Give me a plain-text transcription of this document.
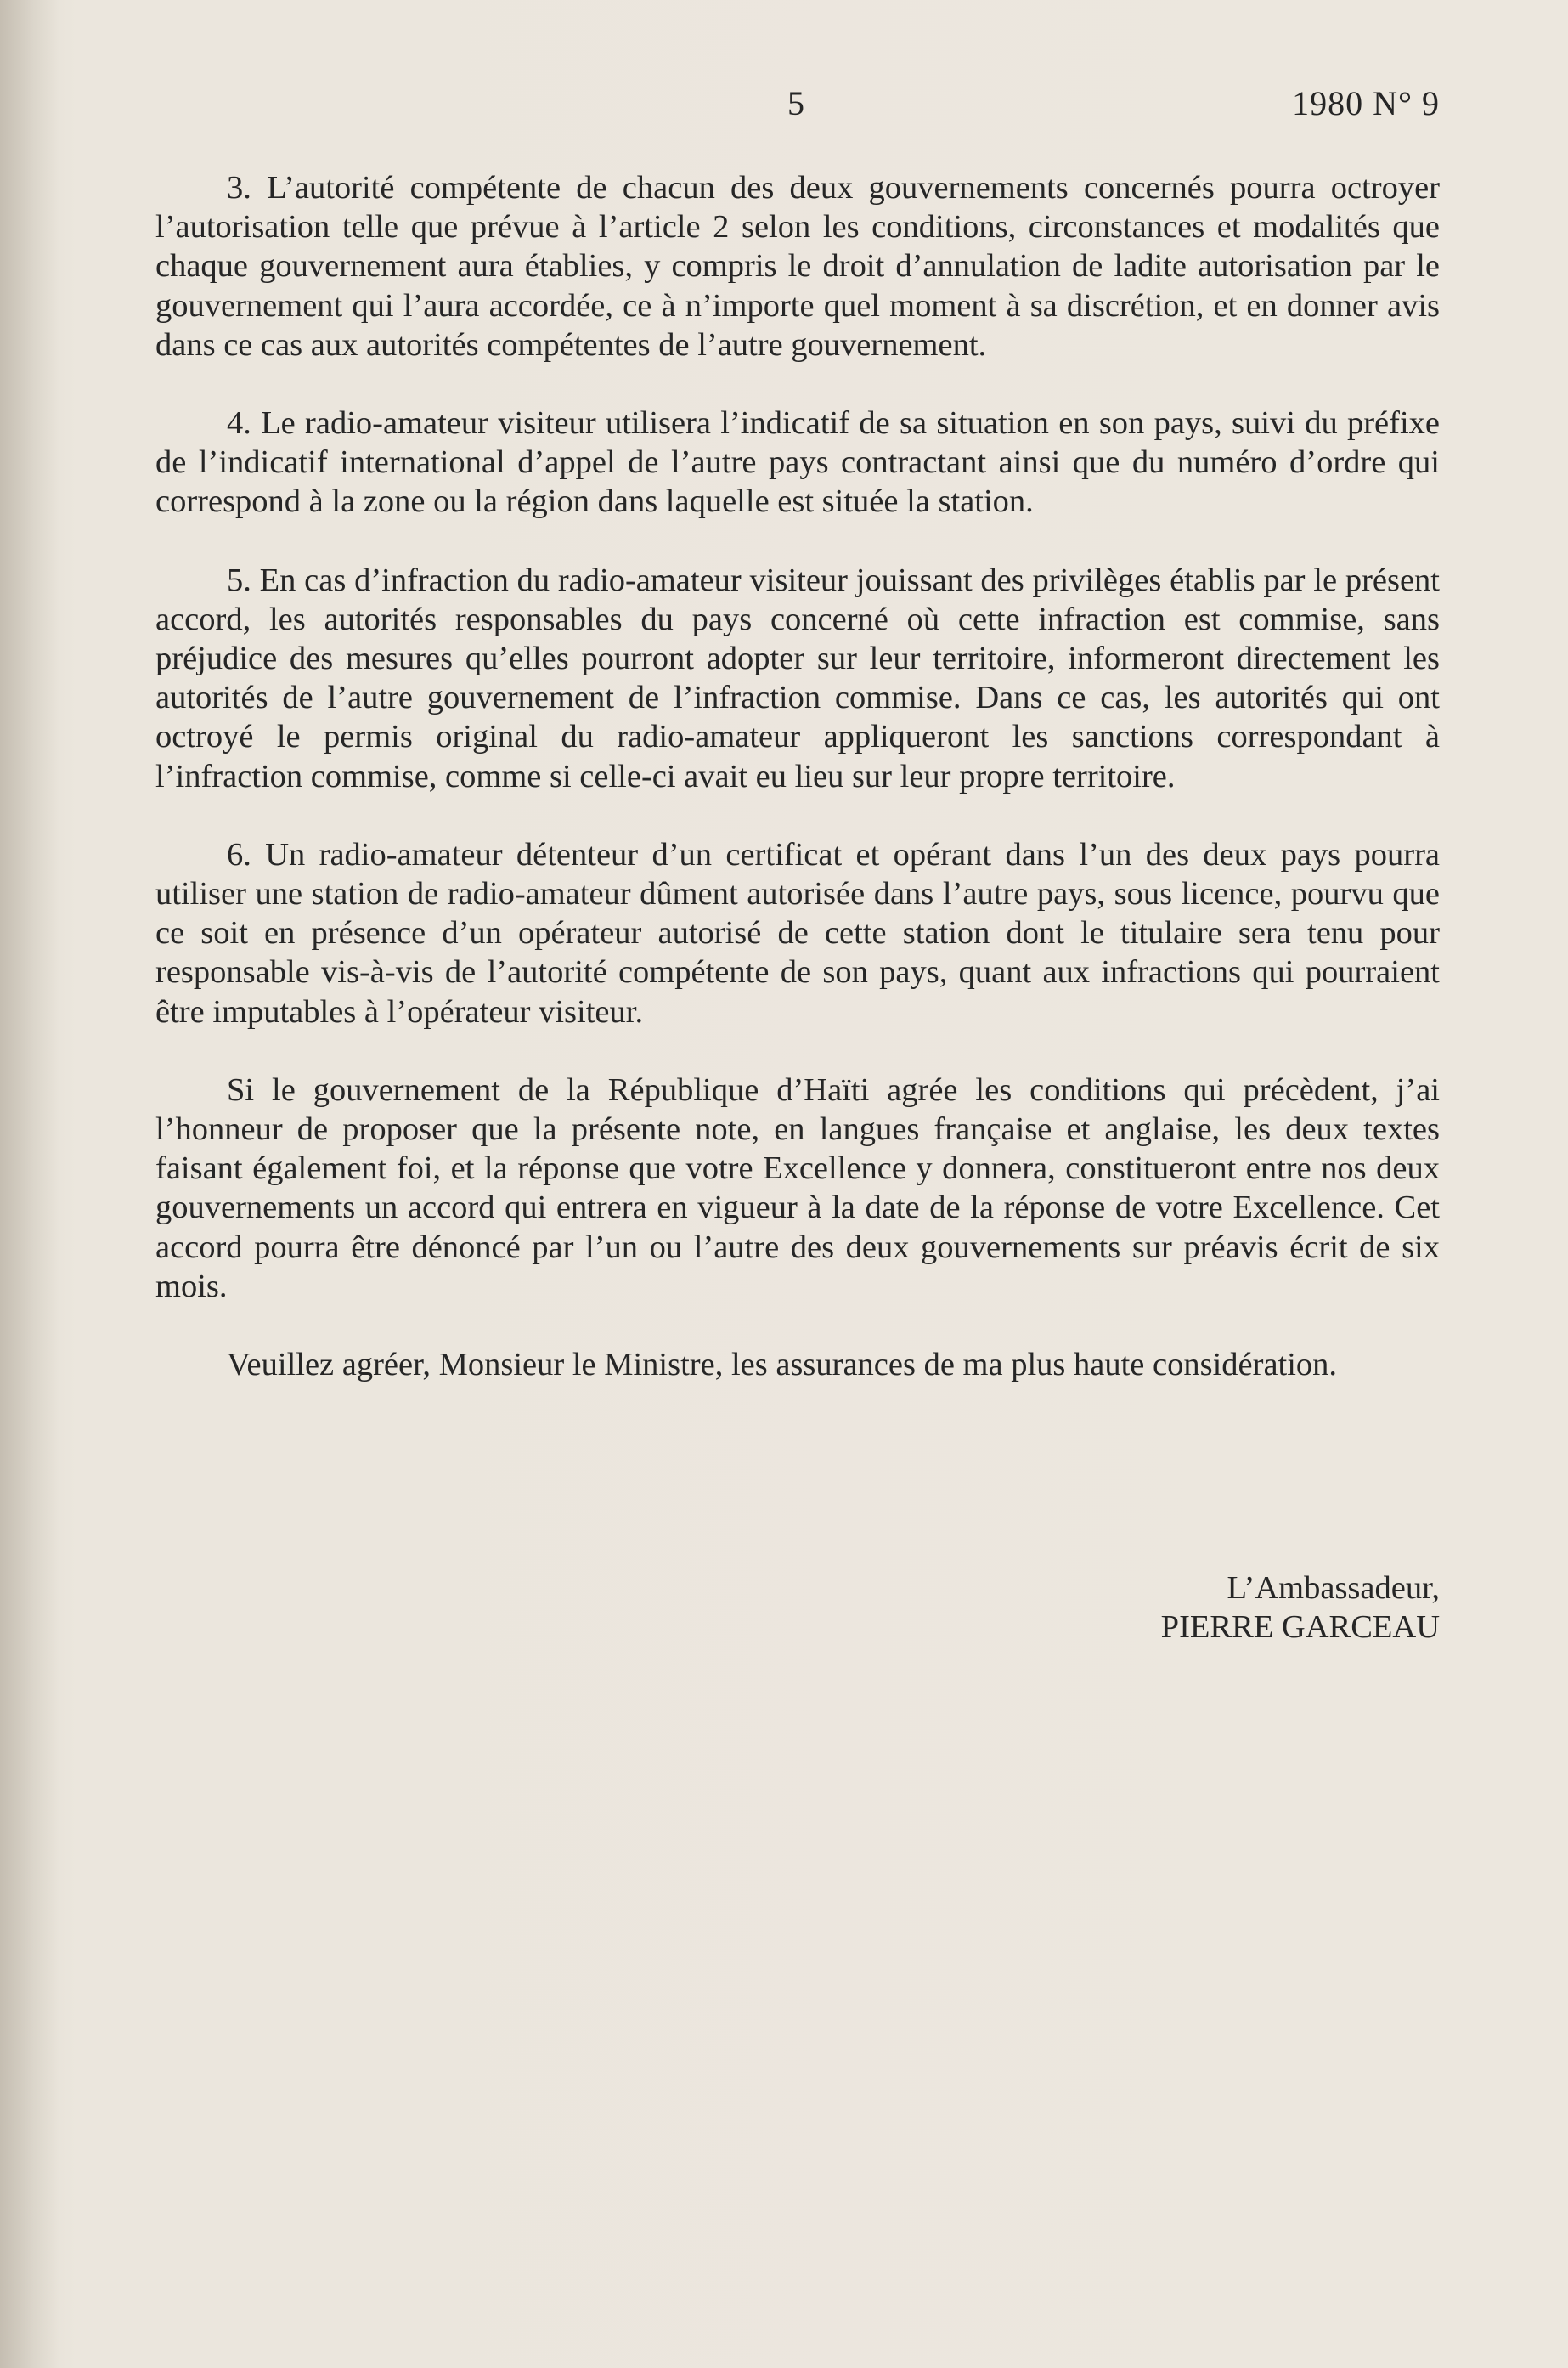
5	1980 N° 9

3. L’autorité compétente de chacun des deux gouvernements concernés pourra octroyer l’autorisation telle que prévue à l’article 2 selon les conditions, circonstances et modalités que chaque gouvernement aura établies, y compris le droit d’annulation de ladite autorisation par le gouvernement qui l’aura accordée, ce à n’importe quel moment à sa discrétion, et en donner avis dans ce cas aux autorités compétentes de l’autre gouvernement.

4. Le radio-amateur visiteur utilisera l’indicatif de sa situation en son pays, suivi du préfixe de l’indicatif international d’appel de l’autre pays contractant ainsi que du numéro d’ordre qui correspond à la zone ou la région dans laquelle est située la station.

5. En cas d’infraction du radio-amateur visiteur jouissant des privilèges établis par le présent accord, les autorités responsables du pays concerné où cette infraction est commise, sans préjudice des mesures qu’elles pourront adopter sur leur territoire, informeront directement les autorités de l’autre gouvernement de l’infraction commise. Dans ce cas, les autorités qui ont octroyé le permis original du radio-amateur appliqueront les sanctions correspondant à l’infraction commise, comme si celle-ci avait eu lieu sur leur propre territoire.

6. Un radio-amateur détenteur d’un certificat et opérant dans l’un des deux pays pourra utiliser une station de radio-amateur dûment autorisée dans l’autre pays, sous licence, pourvu que ce soit en présence d’un opérateur autorisé de cette station dont le titulaire sera tenu pour responsable vis-à-vis de l’autorité compétente de son pays, quant aux infractions qui pourraient être imputables à l’opérateur visiteur.

Si le gouvernement de la République d’Haïti agrée les conditions qui précèdent, j’ai l’honneur de proposer que la présente note, en langues française et anglaise, les deux textes faisant également foi, et la réponse que votre Excellence y donnera, constitueront entre nos deux gouvernements un accord qui entrera en vigueur à la date de la réponse de votre Excellence. Cet accord pourra être dénoncé par l’un ou l’autre des deux gouvernements sur préavis écrit de six mois.

Veuillez agréer, Monsieur le Ministre, les assurances de ma plus haute considération.

L’Ambassadeur,
PIERRE GARCEAU
